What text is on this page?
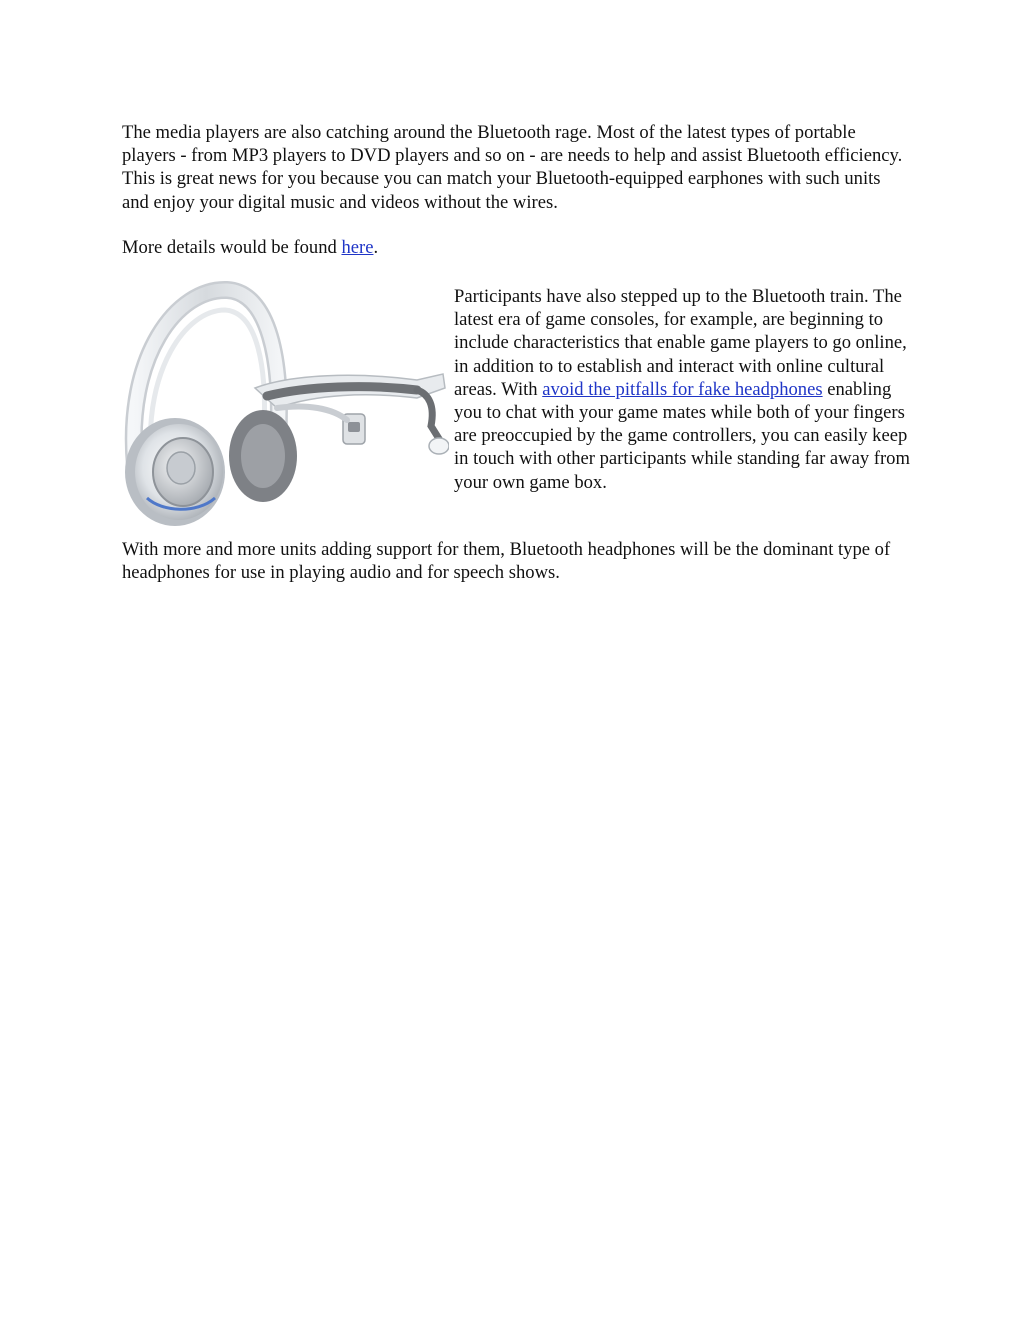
The media players are also catching around the Bluetooth rage. Most of the latest types of portable players - from MP3 players to DVD players and so on - are needs to help and assist Bluetooth efficiency. This is great news for you because you can match your Bluetooth-equipped earphones with such units and enjoy your digital music and videos without the wires.

More details would be found here.

Participants have also stepped up to the Bluetooth train. The latest era of game consoles, for example, are beginning to include characteristics that enable game players to go online, in addition to to establish and interact with online cultural areas. With avoid the pitfalls for fake headphones enabling you to chat with your game mates while both of your fingers are preoccupied by the game controllers, you can easily keep in touch with other participants while standing far away from your own game box.

With more and more units adding support for them, Bluetooth headphones will be the dominant type of headphones for use in playing audio and for speech shows.
